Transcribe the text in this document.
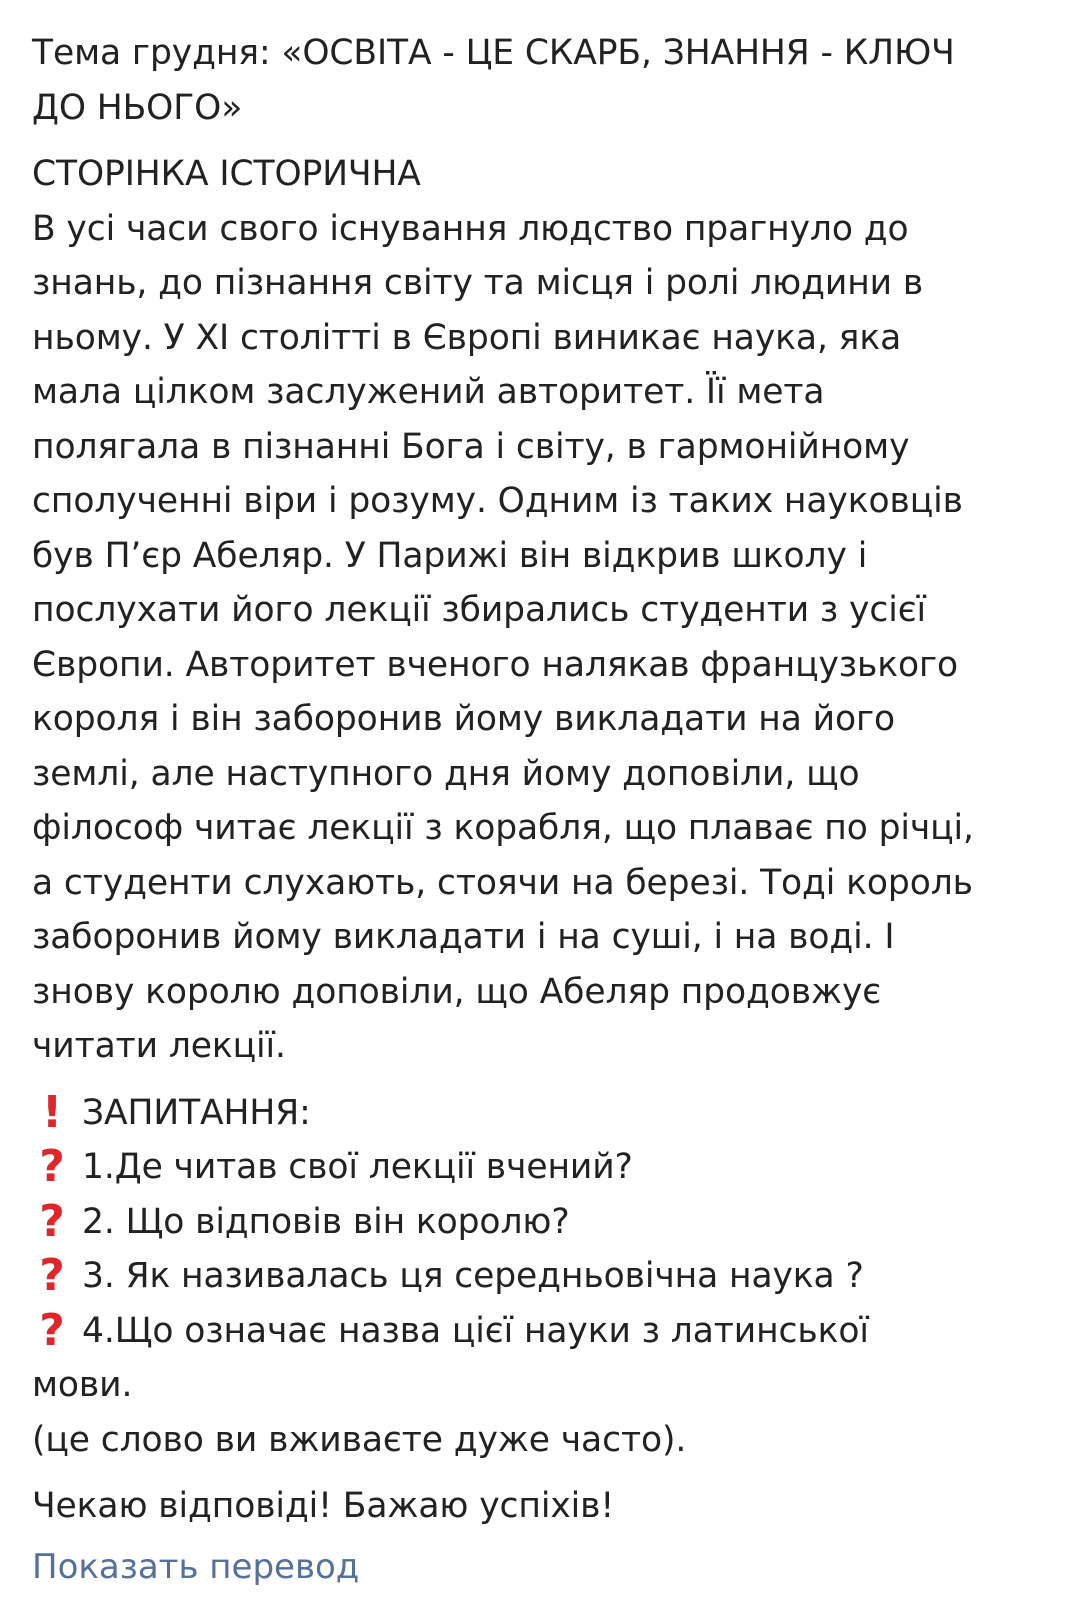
Тема грудня: «ОСВІТА - ЦЕ СКАРБ, ЗНАННЯ - КЛЮЧ
ДО НЬОГО»
СТОРІНКА ІСТОРИЧНА
В усі часи свого існування людство прагнуло до
знань, до пізнання світу та місця і ролі людини в
ньому. У XI столітті в Європі виникає наука, яка
мала цілком заслужений авторитет. Її мета
полягала в пізнанні Бога і світу, в гармонійному
сполученні віри і розуму. Одним із таких науковців
був П’єр Абеляр. У Парижі він відкрив школу і
послухати його лекції збирались студенти з усієї
Європи. Авторитет вченого налякав французького
короля і він заборонив йому викладати на його
землі, але наступного дня йому доповіли, що
філософ читає лекції з корабля, що плаває по річці,
а студенти слухають, стоячи на березі. Тоді король
заборонив йому викладати і на суші, і на воді. І
знову королю доповіли, що Абеляр продовжує
читати лекції.
! ЗАПИТАННЯ:
? 1.Де читав свої лекції вчений?
? 2. Що відповів він королю?
? 3. Як називалась ця середньовічна наука ?
? 4.Що означає назва цієї науки з латинської
мови.
(це слово ви вживаєте дуже часто).
Чекаю відповіді! Бажаю успіхів!
Показать перевод
